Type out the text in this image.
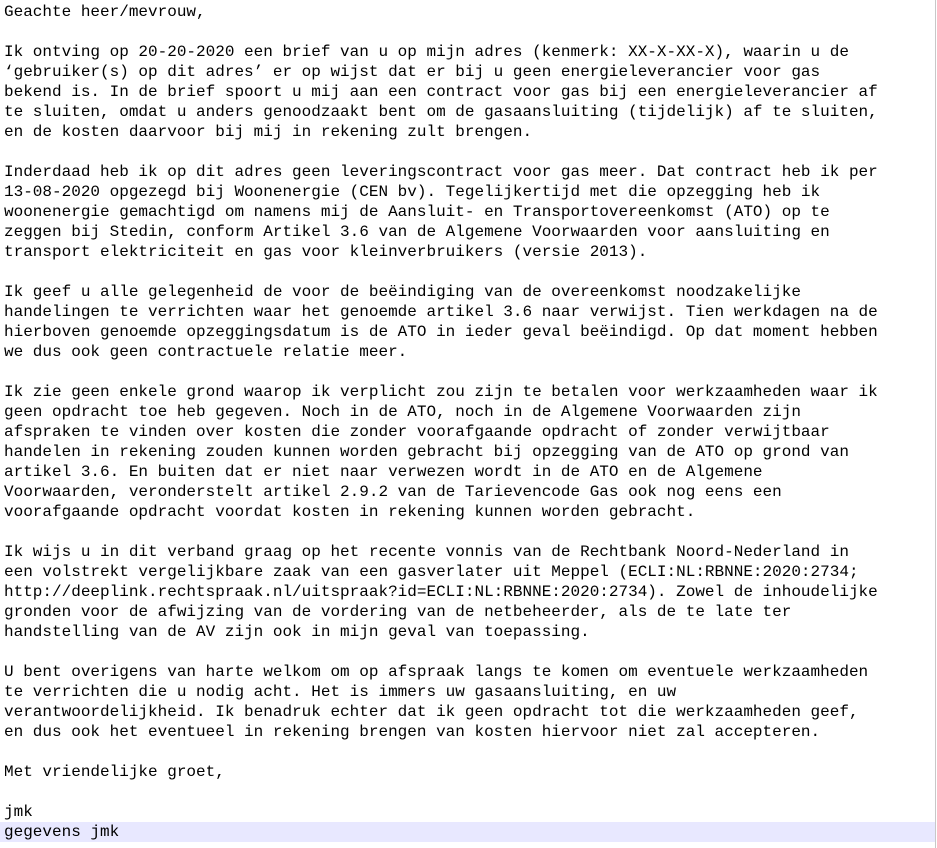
Geachte heer/mevrouw,
Ik ontving op 20-20-2020 een brief van u op mijn adres (kenmerk: XX-X-XX-X), waarin u de
‘gebruiker(s) op dit adres’ er op wijst dat er bij u geen energieleverancier voor gas
bekend is. In de brief spoort u mij aan een contract voor gas bij een energieleverancier af
te sluiten, omdat u anders genoodzaakt bent om de gasaansluiting (tijdelijk) af te sluiten,
en de kosten daarvoor bij mij in rekening zult brengen.
Inderdaad heb ik op dit adres geen leveringscontract voor gas meer. Dat contract heb ik per
13-08-2020 opgezegd bij Woonenergie (CEN bv). Tegelijkertijd met die opzegging heb ik
woonenergie gemachtigd om namens mij de Aansluit- en Transportovereenkomst (ATO) op te
zeggen bij Stedin, conform Artikel 3.6 van de Algemene Voorwaarden voor aansluiting en
transport elektriciteit en gas voor kleinverbruikers (versie 2013).
Ik geef u alle gelegenheid de voor de beëindiging van de overeenkomst noodzakelijke
handelingen te verrichten waar het genoemde artikel 3.6 naar verwijst. Tien werkdagen na de
hierboven genoemde opzeggingsdatum is de ATO in ieder geval beëindigd. Op dat moment hebben
we dus ook geen contractuele relatie meer.
Ik zie geen enkele grond waarop ik verplicht zou zijn te betalen voor werkzaamheden waar ik
geen opdracht toe heb gegeven. Noch in de ATO, noch in de Algemene Voorwaarden zijn
afspraken te vinden over kosten die zonder voorafgaande opdracht of zonder verwijtbaar
handelen in rekening zouden kunnen worden gebracht bij opzegging van de ATO op grond van
artikel 3.6. En buiten dat er niet naar verwezen wordt in de ATO en de Algemene
Voorwaarden, veronderstelt artikel 2.9.2 van de Tarievencode Gas ook nog eens een
voorafgaande opdracht voordat kosten in rekening kunnen worden gebracht.
Ik wijs u in dit verband graag op het recente vonnis van de Rechtbank Noord-Nederland in
een volstrekt vergelijkbare zaak van een gasverlater uit Meppel (ECLI:NL:RBNNE:2020:2734;
http://deeplink.rechtspraak.nl/uitspraak?id=ECLI:NL:RBNNE:2020:2734). Zowel de inhoudelijke
gronden voor de afwijzing van de vordering van de netbeheerder, als de te late ter
handstelling van de AV zijn ook in mijn geval van toepassing.
U bent overigens van harte welkom om op afspraak langs te komen om eventuele werkzaamheden
te verrichten die u nodig acht. Het is immers uw gasaansluiting, en uw
verantwoordelijkheid. Ik benadruk echter dat ik geen opdracht tot die werkzaamheden geef,
en dus ook het eventueel in rekening brengen van kosten hiervoor niet zal accepteren.
Met vriendelijke groet,
jmk
gegevens jmk
